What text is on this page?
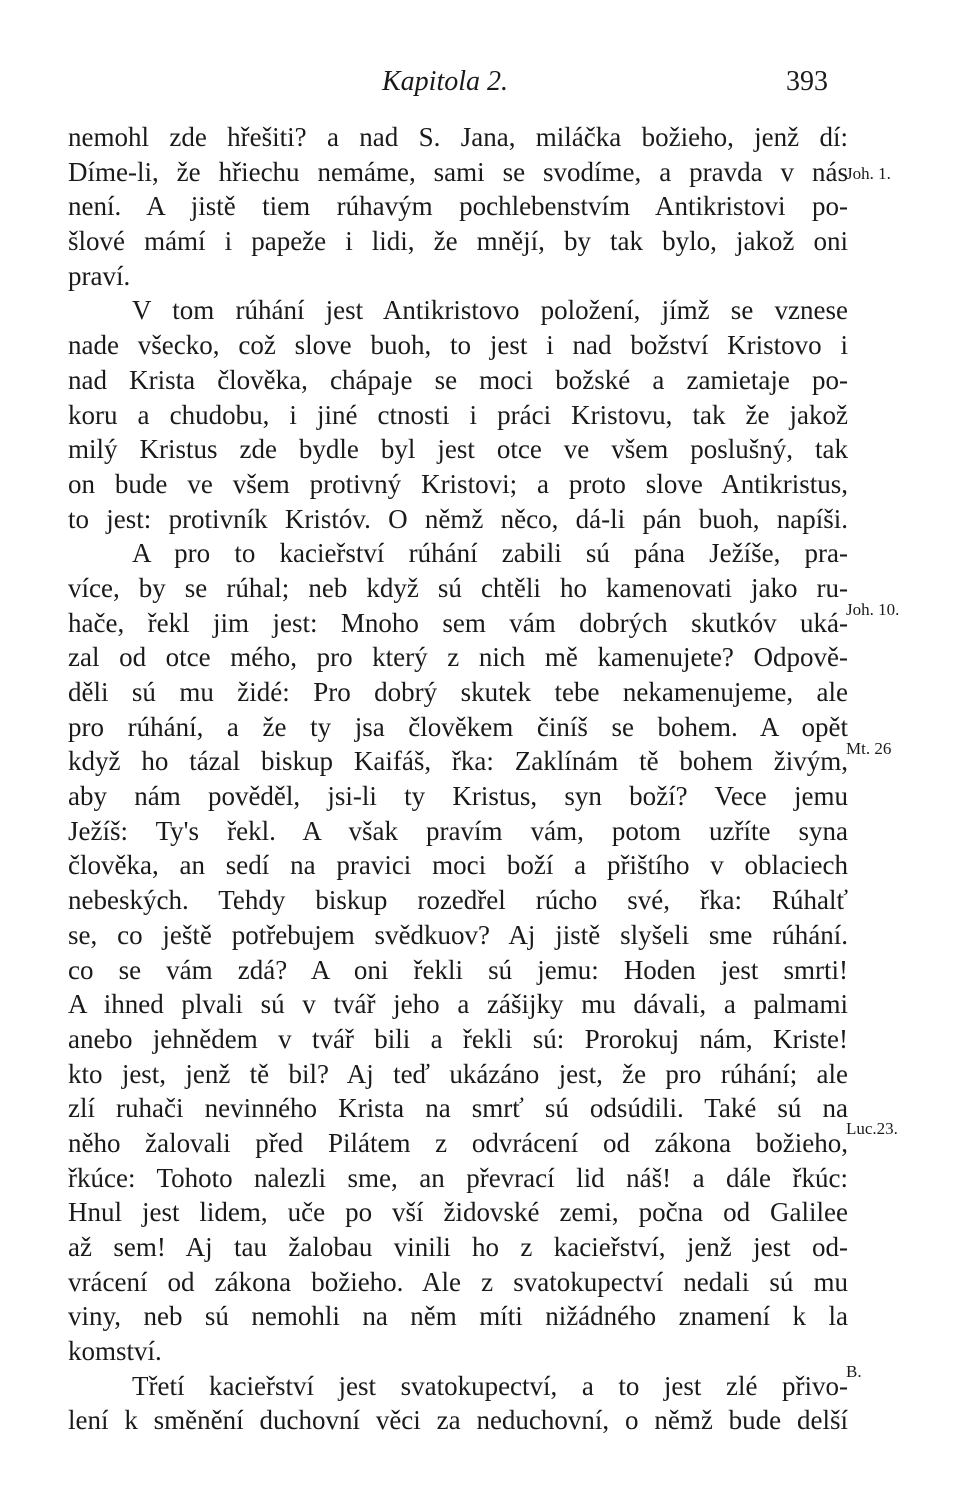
Kapitola 2.	393
nemohl zde hřešiti? a nad S. Jana, miláčka božieho, jenž dí:
Díme-li, že hřiechu nemáme, sami se svodíme, a pravda v nás
není. A jistě tiem rúhavým pochlebenstvím Antikristovi po-
šlové mámí i papeže i lidi, že mnějí, by tak bylo, jakož oni
praví.
V tom rúhání jest Antikristovo položení, jímž se vznese
nade všecko, což slove buoh, to jest i nad božství Kristovo i
nad Krista člověka, chápaje se moci božské a zamietaje po-
koru a chudobu, i jiné ctnosti i práci Kristovu, tak že jakož
milý Kristus zde bydle byl jest otce ve všem poslušný, tak
on bude ve všem protivný Kristovi; a proto slove Antikristus,
to jest: protivník Kristóv. O němž něco, dá-li pán buoh, napíši.
A pro to kacieřství rúhání zabili sú pána Ježíše, pra-
více, by se rúhal; neb když sú chtěli ho kamenovati jako ru-
hače, řekl jim jest: Mnoho sem vám dobrých skutkóv uká-
zal od otce mého, pro který z nich mě kamenujete? Odpově-
děli sú mu židé: Pro dobrý skutek tebe nekamenujeme, ale
pro rúhání, a že ty jsa člověkem činíš se bohem. A opět
když ho tázal biskup Kaifáš, řka: Zaklínám tě bohem živým,
aby nám pověděl, jsi-li ty Kristus, syn boží? Vece jemu
Ježíš: Ty's řekl. A však pravím vám, potom uzříte syna
člověka, an sedí na pravici moci boží a přištího v oblaciech
nebeských. Tehdy biskup rozedřel rúcho své, řka: Rúhalť
se, co ještě potřebujem svědkuov? Aj jistě slyšeli sme rúhání.
co se vám zdá? A oni řekli sú jemu: Hoden jest smrti!
A ihned plvali sú v tvář jeho a zášijky mu dávali, a palmami
anebo jehnědem v tvář bili a řekli sú: Prorokuj nám, Kriste!
kto jest, jenž tě bil? Aj teď ukázáno jest, že pro rúhání; ale
zlí ruhači nevinného Krista na smrť sú odsúdili. Také sú na
něho žalovali před Pilátem z odvrácení od zákona božieho,
řkúce: Tohoto nalezli sme, an převrací lid náš! a dále řkúc:
Hnul jest lidem, uče po vší židovské zemi, počna od Galilee
až sem! Aj tau žalobau vinili ho z kacieřství, jenž jest od-
vrácení od zákona božieho. Ale z svatokupectví nedali sú mu
viny, neb sú nemohli na něm míti nižádného znamení k la
komství.
Třetí kacieřství jest svatokupectví, a to jest zlé přivo-
lení k směnění duchovní věci za neduchovní, o němž bude delší
Joh. 1.
Joh. 10.
Mt. 26
Luc.23.
B.
